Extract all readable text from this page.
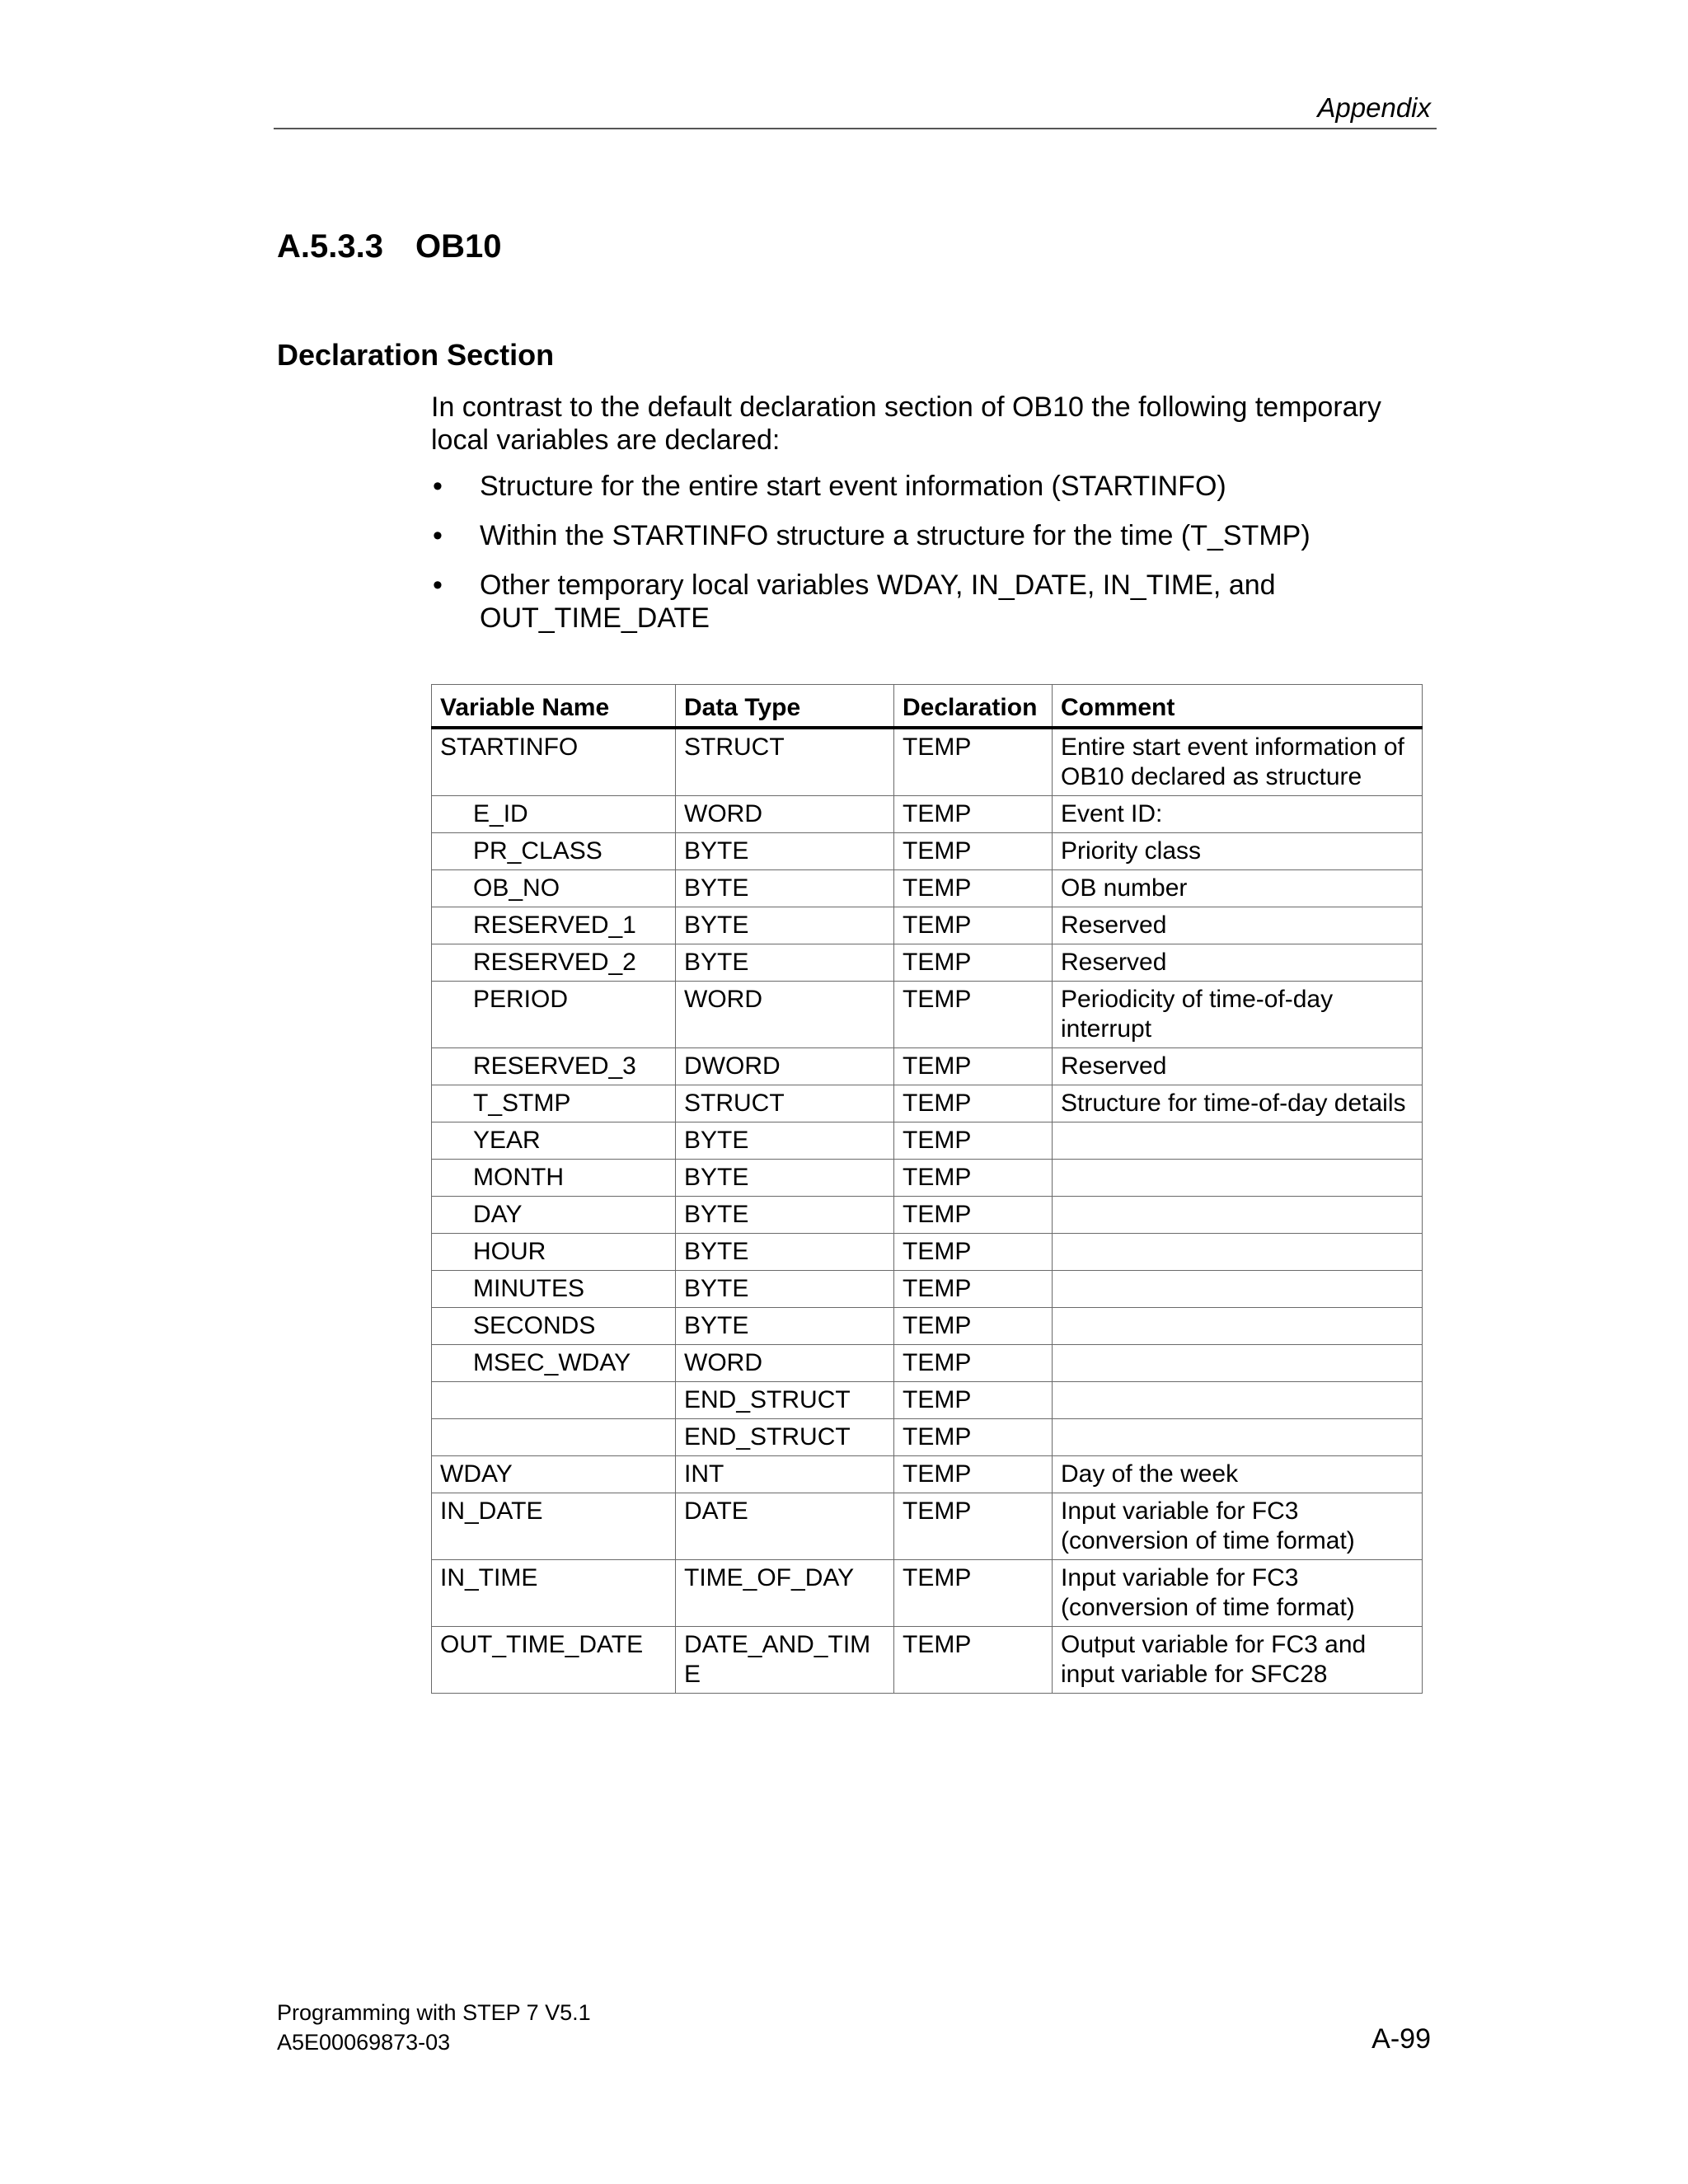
Appendix
A.5.3.3 OB10
Declaration Section
In contrast to the default declaration section of OB10 the following temporary local variables are declared:
• Structure for the entire start event information (STARTINFO)
• Within the STARTINFO structure a structure for the time (T_STMP)
• Other temporary local variables WDAY, IN_DATE, IN_TIME, and OUT_TIME_DATE
Variable Name	Data Type	Declaration	Comment
STARTINFO	STRUCT	TEMP	Entire start event information of OB10 declared as structure
E_ID	WORD	TEMP	Event ID:
PR_CLASS	BYTE	TEMP	Priority class
OB_NO	BYTE	TEMP	OB number
RESERVED_1	BYTE	TEMP	Reserved
RESERVED_2	BYTE	TEMP	Reserved
PERIOD	WORD	TEMP	Periodicity of time-of-day interrupt
RESERVED_3	DWORD	TEMP	Reserved
T_STMP	STRUCT	TEMP	Structure for time-of-day details
YEAR	BYTE	TEMP	
MONTH	BYTE	TEMP	
DAY	BYTE	TEMP	
HOUR	BYTE	TEMP	
MINUTES	BYTE	TEMP	
SECONDS	BYTE	TEMP	
MSEC_WDAY	WORD	TEMP	
	END_STRUCT	TEMP	
	END_STRUCT	TEMP	
WDAY	INT	TEMP	Day of the week
IN_DATE	DATE	TEMP	Input variable for FC3 (conversion of time format)
IN_TIME	TIME_OF_DAY	TEMP	Input variable for FC3 (conversion of time format)
OUT_TIME_DATE	DATE_AND_TIME	TEMP	Output variable for FC3 and input variable for SFC28
Programming with STEP 7 V5.1
A5E00069873-03	A-99
